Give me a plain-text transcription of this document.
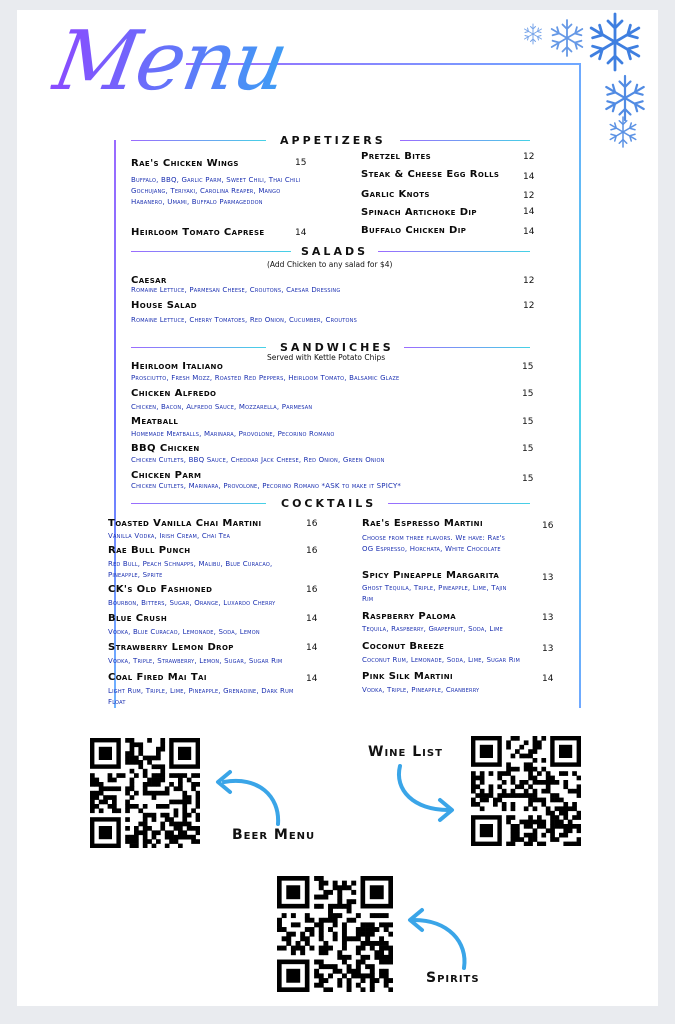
Menu
APPETIZERS
Rae's Chicken Wings	15
Buffalo, BBQ, Garlic Parm, Sweet Chili, Thai Chili Gochujang, Teriyaki, Carolina Reaper, Mango Habanero, Umami, Buffalo Parmageddon
Heirloom Tomato Caprese	14
Pretzel Bites	12
Steak & Cheese Egg Rolls	14
Garlic Knots	12
Spinach Artichoke Dip	14
Buffalo Chicken Dip	14
SALADS
(Add Chicken to any salad for $4)
Caesar	12
Romaine Lettuce, Parmesan Cheese, Croutons, Caesar Dressing
House Salad	12
Romaine Lettuce, Cherry Tomatoes, Red Onion, Cucumber, Croutons
SANDWICHES
Served with Kettle Potato Chips
Heirloom Italiano	15
Prosciutto, Fresh Mozz, Roasted Red Peppers, Heirloom Tomato, Balsamic Glaze
Chicken Alfredo	15
Chicken, Bacon, Alfredo Sauce, Mozzarella, Parmesan
Meatball	15
Homemade Meatballs, Marinara, Provolone, Pecorino Romano
BBQ Chicken	15
Chicken Cutlets, BBQ Sauce, Cheddar Jack Cheese, Red Onion, Green Onion
Chicken Parm	15
Chicken Cutlets, Marinara, Provolone, Pecorino Romano *ASK to make it SPICY*
COCKTAILS
Toasted Vanilla Chai Martini	16
Vanilla Vodka, Irish Cream, Chai Tea
Rae Bull Punch	16
Red Bull, Peach Schnapps, Malibu, Blue Curacao, Pineapple, Sprite
CK's Old Fashioned	16
Bourbon, Bitters, Sugar, Orange, Luxardo Cherry
Blue Crush	14
Vodka, Blue Curacao, Lemonade, Soda, Lemon
Strawberry Lemon Drop	14
Vodka, Triple, Strawberry, Lemon, Sugar, Sugar Rim
Coal Fired Mai Tai	14
Light Rum, Triple, Lime, Pineapple, Grenadine, Dark Rum Float
Rae's Espresso Martini	16
Choose from three flavors. We have: Rae's OG Espresso, Horchata, White Chocolate
Spicy Pineapple Margarita	13
Ghost Tequila, Triple, Pineapple, Lime, Tajin Rim
Raspberry Paloma	13
Tequila, Raspberry, Grapefruit, Soda, Lime
Coconut Breeze	13
Coconut Rum, Lemonade, Soda, Lime, Sugar Rim
Pink Silk Martini	14
Vodka, Triple, Pineapple, Cranberry
Beer Menu
Wine List
Spirits
